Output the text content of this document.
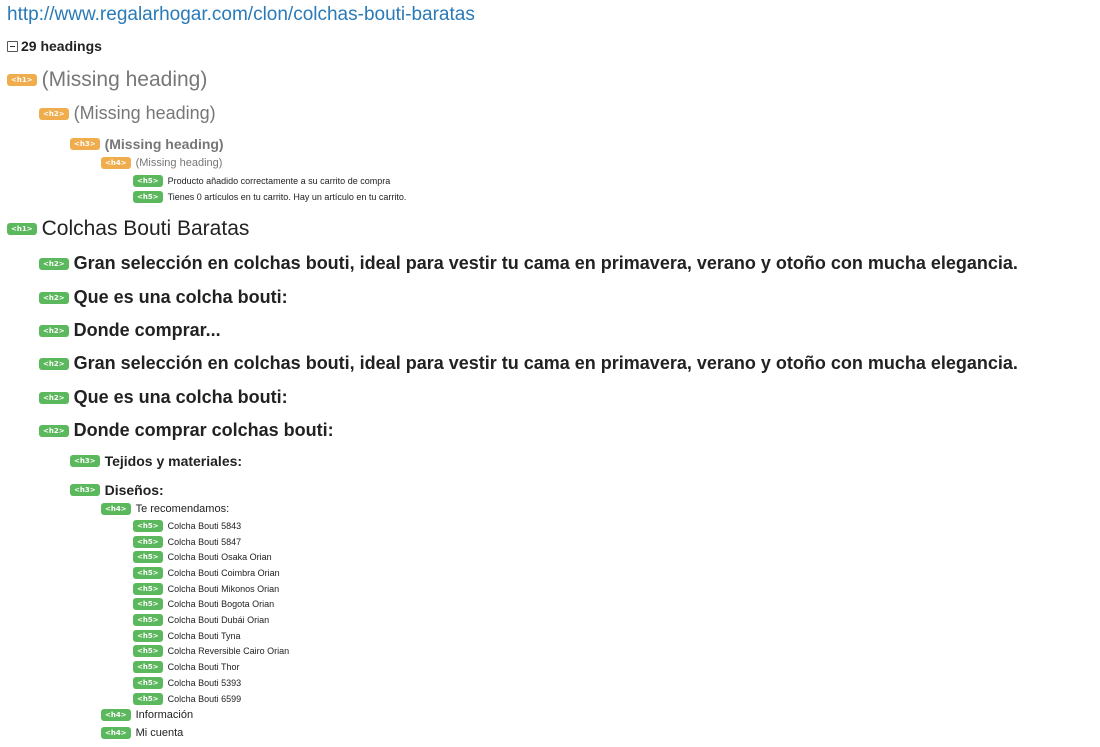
http://www.regalarhogar.com/clon/colchas-bouti-baratas
29 headings
<h1> (Missing heading)
<h2> (Missing heading)
<h3> (Missing heading)
<h4> (Missing heading)
<h5>	Producto añadido correctamente a su carrito de compra
<h5>	Tienes 0 artículos en tu carrito. Hay un artículo en tu carrito.
<h1> Colchas Bouti Baratas
<h2> Gran selección en colchas bouti, ideal para vestir tu cama en primavera, verano y otoño con mucha elegancia.
<h2> Que es una colcha bouti:
<h2> Donde comprar...
<h2> Gran selección en colchas bouti, ideal para vestir tu cama en primavera, verano y otoño con mucha elegancia.
<h2> Que es una colcha bouti:
<h2> Donde comprar colchas bouti:
<h3> Tejidos y materiales:
<h3> Diseños:
<h4> Te recomendamos:
<h5>	Colcha Bouti 5843
<h5>	Colcha Bouti 5847
<h5>	Colcha Bouti Osaka Orian
<h5>	Colcha Bouti Coimbra Orian
<h5>	Colcha Bouti Mikonos Orian
<h5>	Colcha Bouti Bogota Orian
<h5>	Colcha Bouti Dubái Orian
<h5>	Colcha Bouti Tyna
<h5>	Colcha Reversible Cairo Orian
<h5>	Colcha Bouti Thor
<h5>	Colcha Bouti 5393
<h5>	Colcha Bouti 6599
<h4> Información
<h4> Mi cuenta
